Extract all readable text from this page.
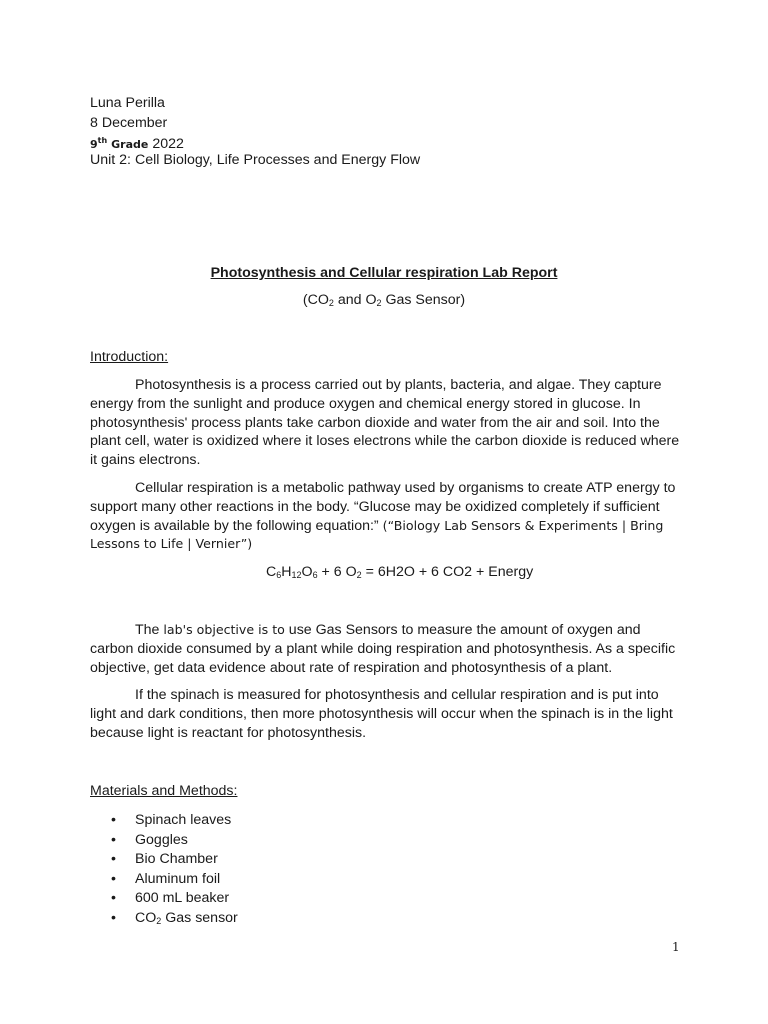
Luna Perilla

8 December

9th Grade 2022

Unit 2: Cell Biology, Life Processes and Energy Flow

Photosynthesis and Cellular respiration Lab Report

($CO_2$ and $O_2$ Gas Sensor)

Introduction:

Photosynthesis is a process carried out by plants, bacteria, and algae. They capture energy from the sunlight and produce oxygen and chemical energy stored in glucose. In photosynthesis' process plants take carbon dioxide and water from the air and soil. Into the plant cell, water is oxidized where it loses electrons while the carbon dioxide is reduced where it gains electrons.

Cellular respiration is a metabolic pathway used by organisms to create ATP energy to support many other reactions in the body. “Glucose may be oxidized completely if sufficient oxygen is available by the following equation:” (“Biology Lab Sensors & Experiments | Bring Lessons to Life | Vernier”)

$C_6H_{12}O_6 + 6$ $O_2 = 6H2O + 6$ CO2 + Energy

The lab's objective is to use Gas Sensors to measure the amount of oxygen and carbon dioxide consumed by a plant while doing respiration and photosynthesis. As a specific objective, get data evidence about rate of respiration and photosynthesis of a plant.

If the spinach is measured for photosynthesis and cellular respiration and is put into light and dark conditions, then more photosynthesis will occur when the spinach is in the light because light is reactant for photosynthesis.

Materials and Methods:

• Spinach leaves
• Goggles
• Bio Chamber
• Aluminum foil
• 600 mL beaker
• $CO_2$ Gas sensor
1
